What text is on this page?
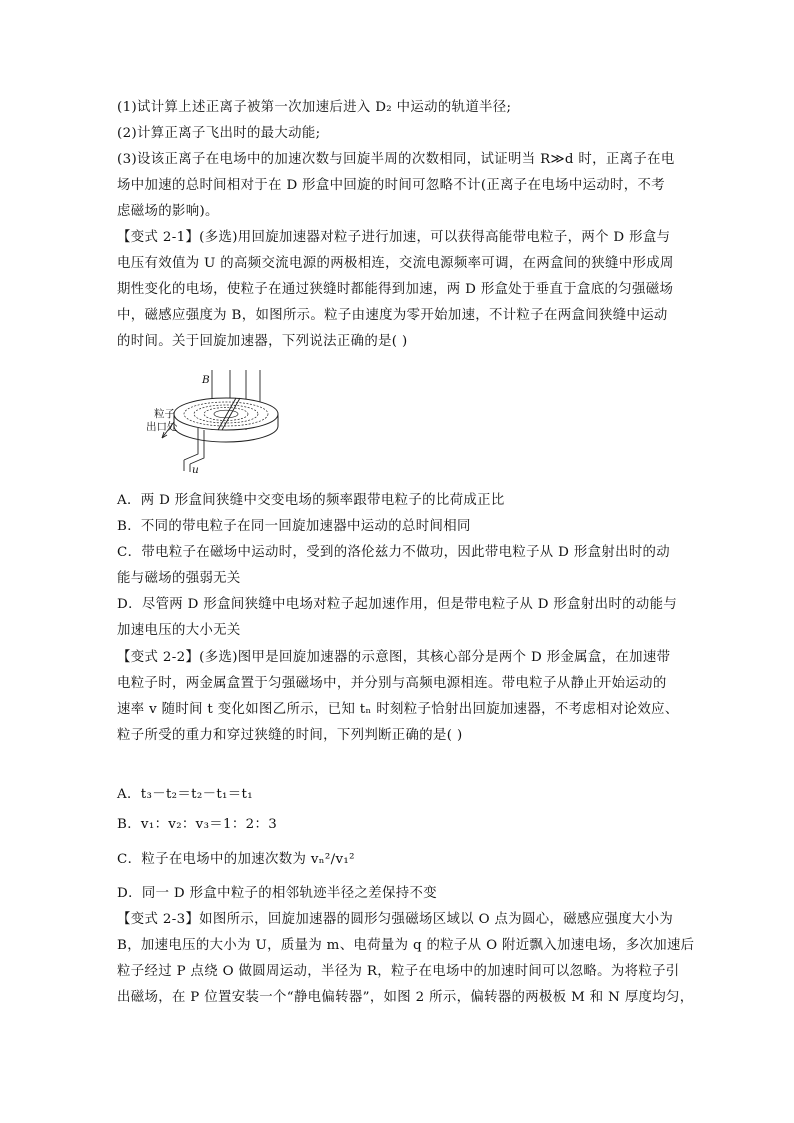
(1)试计算上述正离子被第一次加速后进入 D₂ 中运动的轨道半径;
(2)计算正离子飞出时的最大动能;
(3)设该正离子在电场中的加速次数与回旋半周的次数相同，试证明当 R≫d 时，正离子在电
场中加速的总时间相对于在 D 形盒中回旋的时间可忽略不计(正离子在电场中运动时，不考
虑磁场的影响)。
【变式 2-1】(多选)用回旋加速器对粒子进行加速，可以获得高能带电粒子，两个 D 形盒与
电压有效值为 U 的高频交流电源的两极相连，交流电源频率可调，在两盒间的狭缝中形成周
期性变化的电场，使粒子在通过狭缝时都能得到加速，两 D 形盒处于垂直于盒底的匀强磁场
中，磁感应强度为 B，如图所示。粒子由速度为零开始加速，不计粒子在两盒间狭缝中运动
的时间。关于回旋加速器，下列说法正确的是( )
B
粒子
出口处
u
A．两 D 形盒间狭缝中交变电场的频率跟带电粒子的比荷成正比
B．不同的带电粒子在同一回旋加速器中运动的总时间相同
C．带电粒子在磁场中运动时，受到的洛伦兹力不做功，因此带电粒子从 D 形盒射出时的动
能与磁场的强弱无关
D．尽管两 D 形盒间狭缝中电场对粒子起加速作用，但是带电粒子从 D 形盒射出时的动能与
加速电压的大小无关
【变式 2-2】(多选)图甲是回旋加速器的示意图，其核心部分是两个 D 形金属盒，在加速带
电粒子时，两金属盒置于匀强磁场中，并分别与高频电源相连。带电粒子从静止开始运动的
速率 v 随时间 t 变化如图乙所示，已知 tₙ 时刻粒子恰射出回旋加速器，不考虑相对论效应、
粒子所受的重力和穿过狭缝的时间，下列判断正确的是( )
A．t₃－t₂＝t₂－t₁＝t₁
B．v₁：v₂：v₃＝1：2：3
C．粒子在电场中的加速次数为 vₙ²/v₁²
D．同一 D 形盒中粒子的相邻轨迹半径之差保持不变
【变式 2-3】如图所示，回旋加速器的圆形匀强磁场区域以 O 点为圆心，磁感应强度大小为
B，加速电压的大小为 U，质量为 m、电荷量为 q 的粒子从 O 附近飘入加速电场，多次加速后
粒子经过 P 点绕 O 做圆周运动，半径为 R，粒子在电场中的加速时间可以忽略。为将粒子引
出磁场，在 P 位置安装一个“静电偏转器”，如图 2 所示，偏转器的两极板 M 和 N 厚度均匀，
